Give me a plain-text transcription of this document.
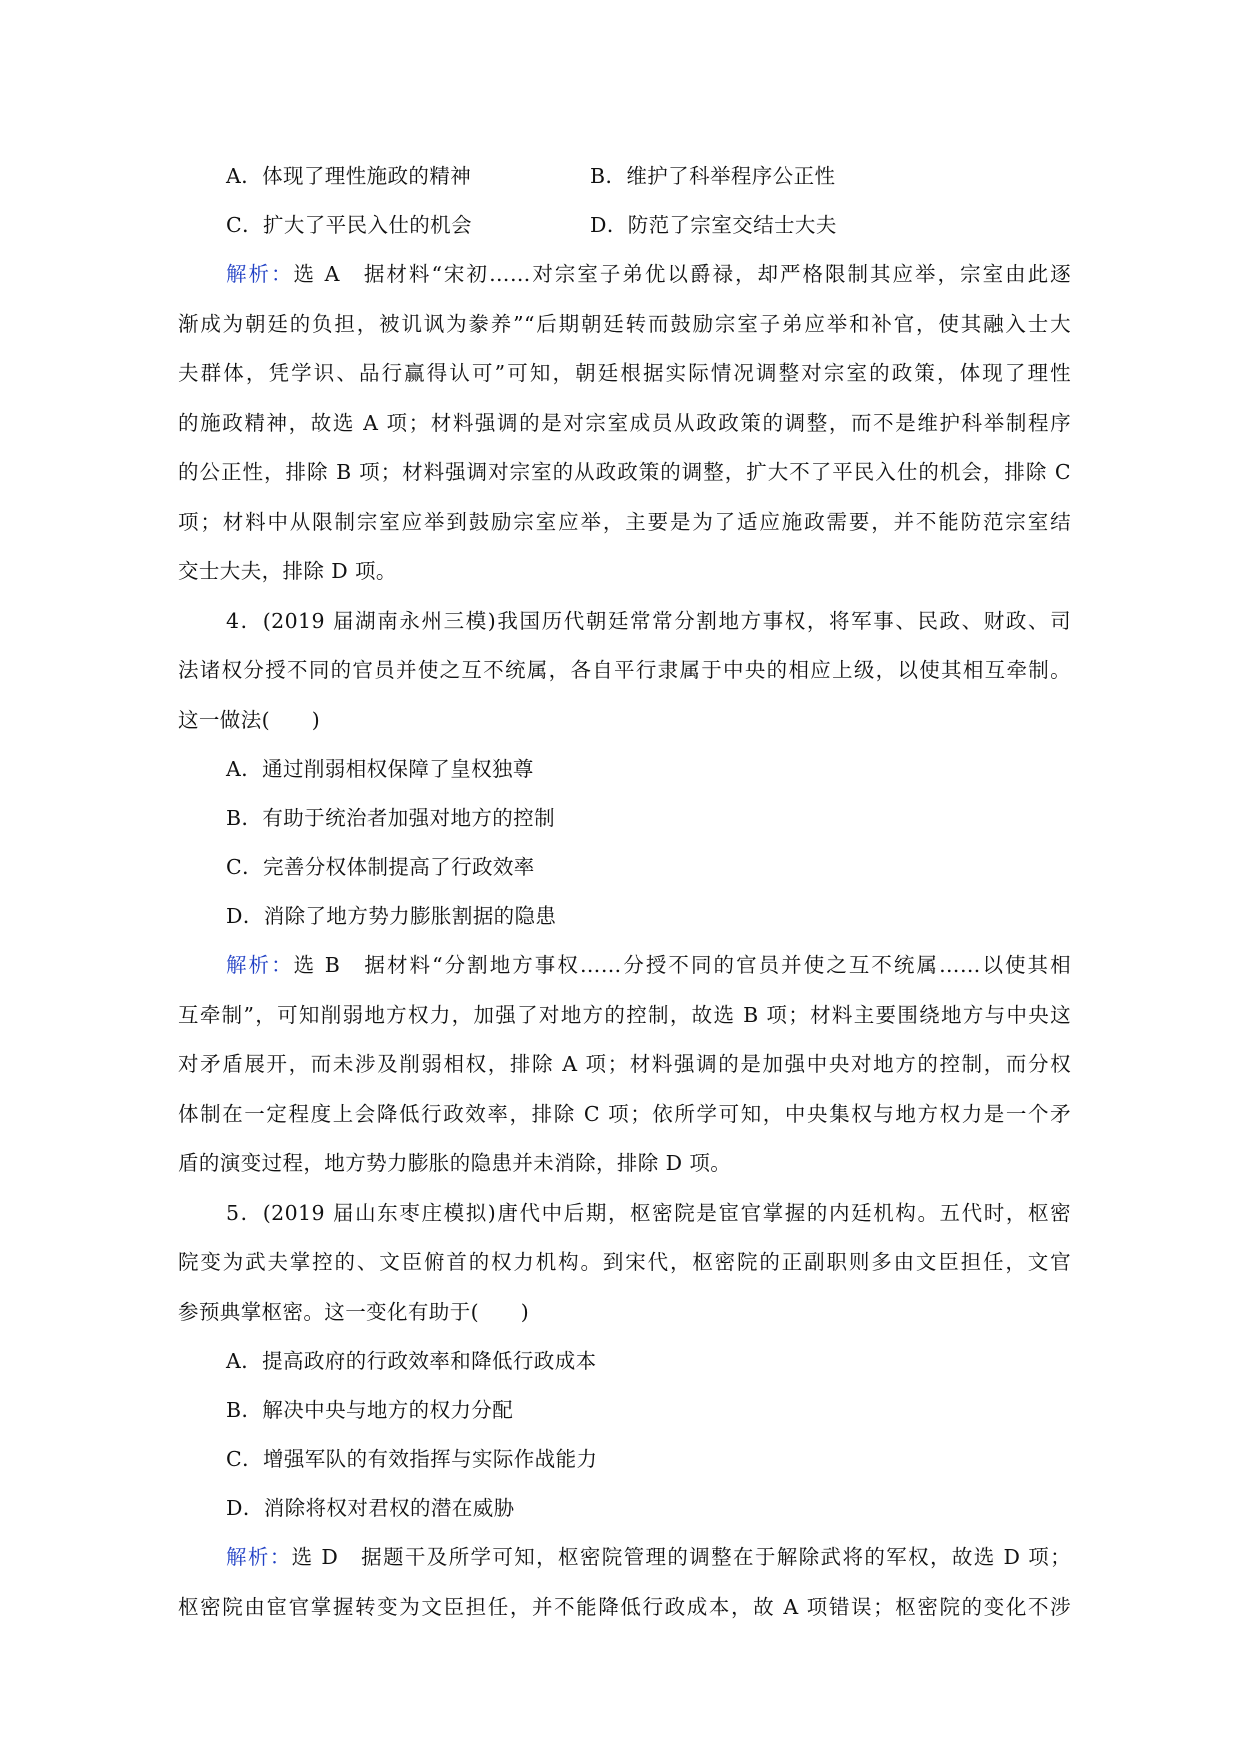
A．体现了理性施政的精神	B．维护了科举程序公正性
C．扩大了平民入仕的机会	D．防范了宗室交结士大夫
解析：选 A　据材料“宋初……对宗室子弟优以爵禄，却严格限制其应举，宗室由此逐
渐成为朝廷的负担，被讥讽为豢养”“后期朝廷转而鼓励宗室子弟应举和补官，使其融入士大
夫群体，凭学识、品行赢得认可”可知，朝廷根据实际情况调整对宗室的政策，体现了理性
的施政精神，故选 A 项；材料强调的是对宗室成员从政政策的调整，而不是维护科举制程序
的公正性，排除 B 项；材料强调对宗室的从政政策的调整，扩大不了平民入仕的机会，排除 C
项；材料中从限制宗室应举到鼓励宗室应举，主要是为了适应施政需要，并不能防范宗室结
交士大夫，排除 D 项。
4．(2019 届湖南永州三模)我国历代朝廷常常分割地方事权，将军事、民政、财政、司
法诸权分授不同的官员并使之互不统属，各自平行隶属于中央的相应上级，以使其相互牵制。
这一做法(　　)
A．通过削弱相权保障了皇权独尊
B．有助于统治者加强对地方的控制
C．完善分权体制提高了行政效率
D．消除了地方势力膨胀割据的隐患
解析：选 B　据材料“分割地方事权……分授不同的官员并使之互不统属……以使其相
互牵制”，可知削弱地方权力，加强了对地方的控制，故选 B 项；材料主要围绕地方与中央这
对矛盾展开，而未涉及削弱相权，排除 A 项；材料强调的是加强中央对地方的控制，而分权
体制在一定程度上会降低行政效率，排除 C 项；依所学可知，中央集权与地方权力是一个矛
盾的演变过程，地方势力膨胀的隐患并未消除，排除 D 项。
5．(2019 届山东枣庄模拟)唐代中后期，枢密院是宦官掌握的内廷机构。五代时，枢密
院变为武夫掌控的、文臣俯首的权力机构。到宋代，枢密院的正副职则多由文臣担任，文官
参预典掌枢密。这一变化有助于(　　)
A．提高政府的行政效率和降低行政成本
B．解决中央与地方的权力分配
C．增强军队的有效指挥与实际作战能力
D．消除将权对君权的潜在威胁
解析：选 D　据题干及所学可知，枢密院管理的调整在于解除武将的军权，故选 D 项；
枢密院由宦官掌握转变为文臣担任，并不能降低行政成本，故 A 项错误；枢密院的变化不涉
